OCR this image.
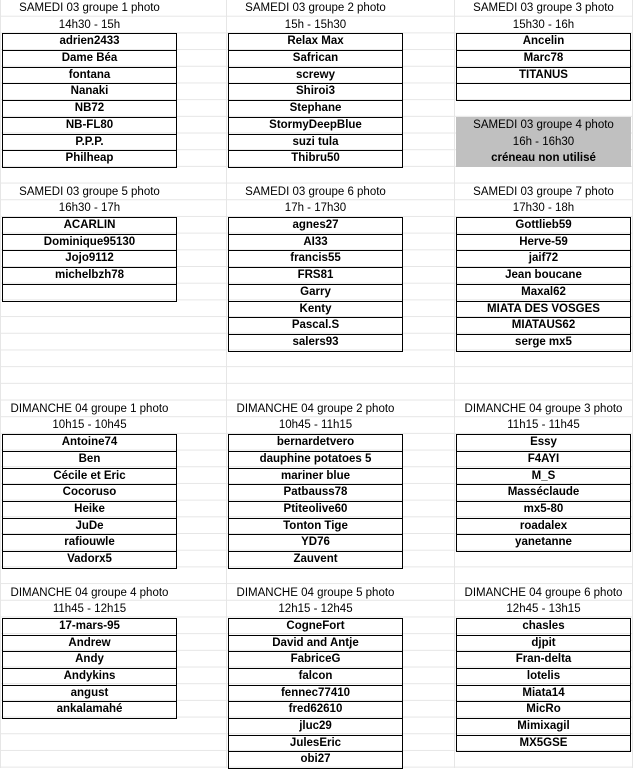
SAMEDI 03 groupe 1 photo
14h30 - 15h
adrien2433
Dame Béa
fontana
Nanaki
NB72
NB-FL80
P.P.P.
Philheap
SAMEDI 03 groupe 2 photo
15h - 15h30
Relax Max
Safrican
screwy
Shiroi3
Stephane
StormyDeepBlue
suzi tula
Thibru50
SAMEDI 03 groupe 3 photo
15h30 - 16h
Ancelin
Marc78
TITANUS
SAMEDI 03 groupe 4 photo
16h - 16h30
créneau non utilisé
SAMEDI 03 groupe 5 photo
16h30 - 17h
ACARLIN
Dominique95130
Jojo9112
michelbzh78
SAMEDI 03 groupe 6 photo
17h - 17h30
agnes27
AI33
francis55
FRS81
Garry
Kenty
Pascal.S
salers93
SAMEDI 03 groupe 7 photo
17h30 - 18h
Gottlieb59
Herve-59
jaif72
Jean boucane
Maxal62
MIATA DES VOSGES
MIATAUS62
serge mx5
DIMANCHE 04 groupe 1 photo
10h15 - 10h45
Antoine74
Ben
Cécile et Eric
Cocoruso
Heike
JuDe
rafiouwle
Vadorx5
DIMANCHE 04 groupe 2 photo
10h45 - 11h15
bernardetvero
dauphine potatoes 5
mariner blue
Patbauss78
Ptiteolive60
Tonton Tige
YD76
Zauvent
DIMANCHE 04 groupe 3 photo
11h15 - 11h45
Essy
F4AYI
M_S
Masséclaude
mx5-80
roadalex
yanetanne
DIMANCHE 04 groupe 4 photo
11h45 - 12h15
17-mars-95
Andrew
Andy
Andykins
angust
ankalamahé
DIMANCHE 04 groupe 5 photo
12h15 - 12h45
CogneFort
David and Antje
FabriceG
falcon
fennec77410
fred62610
jluc29
JulesEric
obi27
DIMANCHE 04 groupe 6 photo
12h45 - 13h15
chasles
djpit
Fran-delta
lotelis
Miata14
MicRo
Mimixagil
MX5GSE
